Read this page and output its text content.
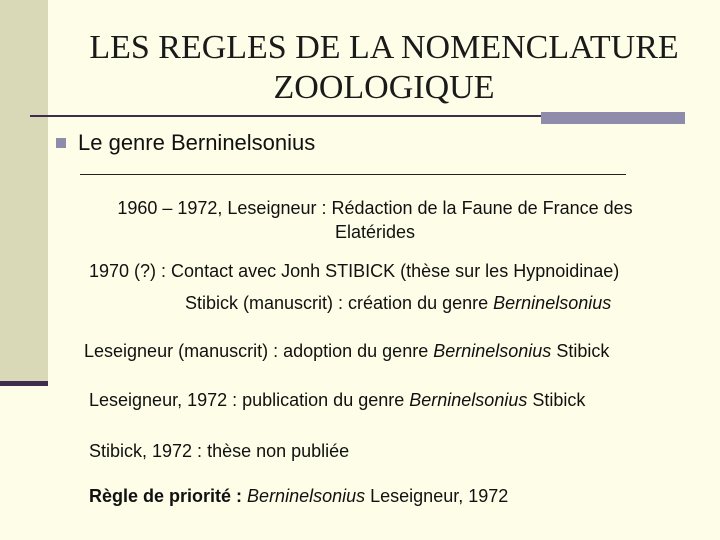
LES REGLES DE LA NOMENCLATURE ZOOLOGIQUE
Le genre Berninelsonius
1960 – 1972, Leseigneur : Rédaction de la Faune de France des Elatérides
1970 (?) : Contact avec Jonh STIBICK (thèse sur les Hypnoidinae)
Stibick (manuscrit) : création du genre Berninelsonius
Leseigneur (manuscrit) : adoption du genre Berninelsonius Stibick
Leseigneur, 1972 : publication du genre Berninelsonius Stibick
Stibick, 1972 : thèse non publiée
Règle de priorité : Berninelsonius Leseigneur, 1972
